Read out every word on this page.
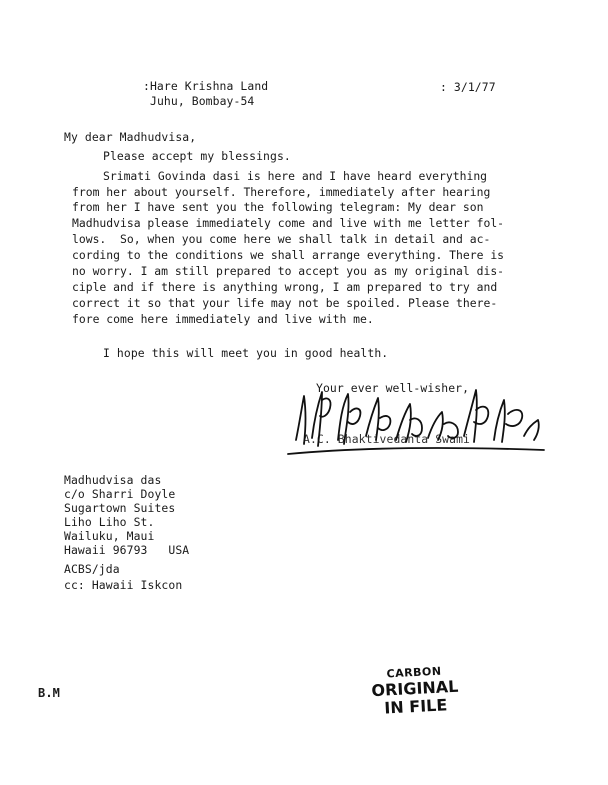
:Hare Krishna Land
Juhu, Bombay-54
: 3/1/77
My dear Madhudvisa,
Please accept my blessings.
Srimati Govinda dasi is here and I have heard everything
from her about yourself. Therefore, immediately after hearing
from her I have sent you the following telegram: My dear son
Madhudvisa please immediately come and live with me letter fol-
lows.  So, when you come here we shall talk in detail and ac-
cording to the conditions we shall arrange everything. There is
no worry. I am still prepared to accept you as my original dis-
ciple and if there is anything wrong, I am prepared to try and
correct it so that your life may not be spoiled. Please there-
fore come here immediately and live with me.
I hope this will meet you in good health.
Your ever well-wisher,
A.C. Bhaktivedanta Swami
Madhudvisa das
c/o Sharri Doyle
Sugartown Suites
Liho Liho St.
Wailuku, Maui
Hawaii 96793   USA
ACBS/jda
cc: Hawaii Iskcon
B.M
CARBON
ORIGINAL
IN FILE
